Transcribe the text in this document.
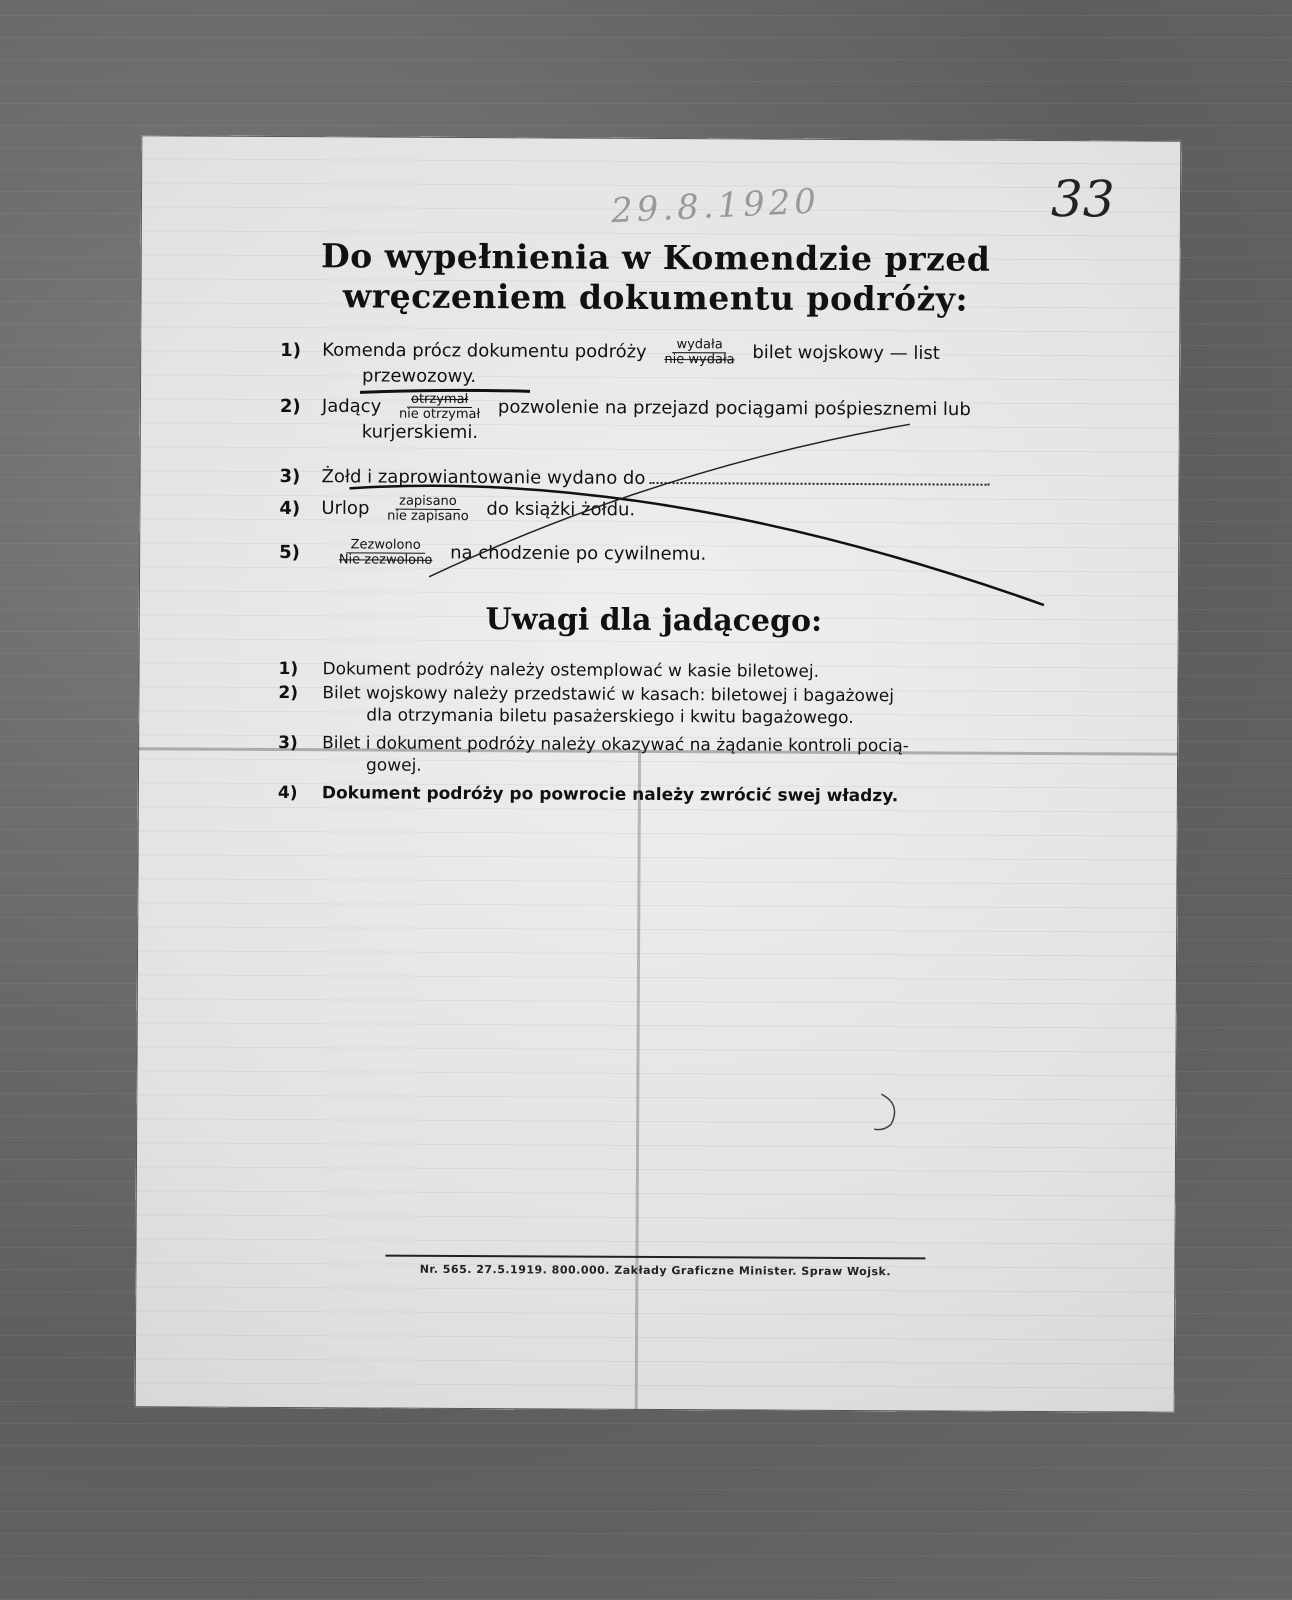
29.8.1920	33
Do wypełnienia w Komendzie przed wręczeniem dokumentu podróży:
1) Komenda prócz dokumentu podróży $\frac{\text{wydała}}{\text{nie wydała}}$ bilet wojskowy — list
przewozowy.
2) Jadący $\frac{\text{otrzymał}}{\text{nie otrzymał}}$ pozwolenie na przejazd pociągami pośpiesznemi lub
kurjerskiemi.
3) Żołd i zaprowiantowanie wydano do
4) Urlop $\frac{\text{zapisano}}{\text{nie zapisano}}$ do książki żołdu.
5)	$\frac{\text{Zezwolono}}{\text{Nie zezwolono}}$ na chodzenie po cywilnemu.
Uwagi dla jadącego:
1) Dokument podróży należy ostemplować w kasie biletowej.
2) Bilet wojskowy należy przedstawić w kasach: biletowej i bagażowej
dla otrzymania biletu pasażerskiego i kwitu bagażowego.
3) Bilet i dokument podróży należy okazywać na żądanie kontroli pocią-
gowej.
4) Dokument podróży po powrocie należy zwrócić swej władzy.
Nr. 565. 27.5.1919. 800.000. Zakłady Graficzne Minister. Spraw Wojsk.
